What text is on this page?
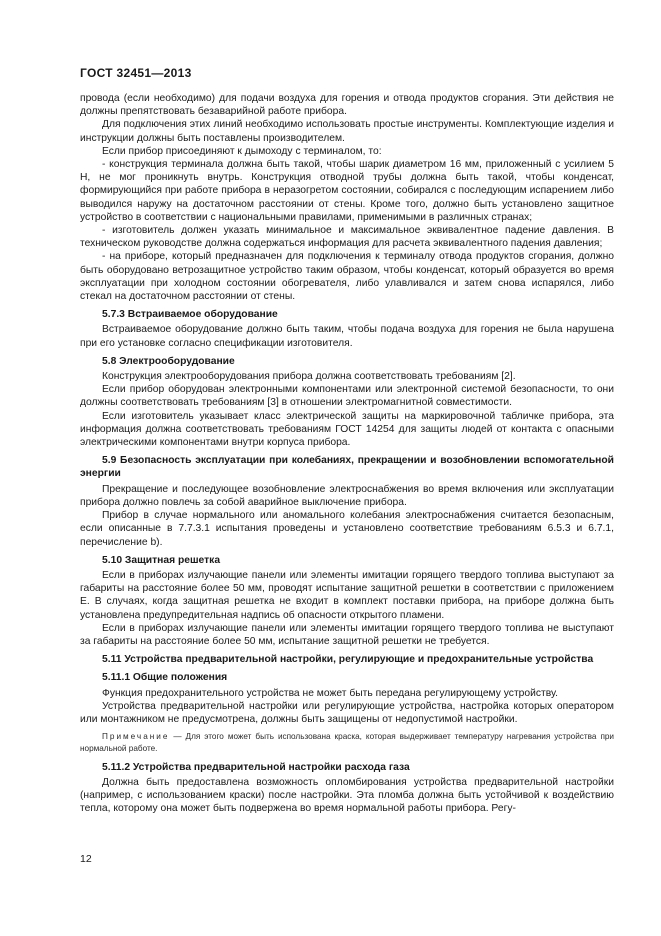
ГОСТ 32451—2013

провода (если необходимо) для подачи воздуха для горения и отвода продуктов сгорания. Эти действия не должны препятствовать безаварийной работе прибора.

Для подключения этих линий необходимо использовать простые инструменты. Комплектующие изделия и инструкции должны быть поставлены производителем.

Если прибор присоединяют к дымоходу с терминалом, то:

- конструкция терминала должна быть такой, чтобы шарик диаметром 16 мм, приложенный с усилием 5 Н, не мог проникнуть внутрь. Конструкция отводной трубы должна быть такой, чтобы конденсат, формирующийся при работе прибора в неразогретом состоянии, собирался с последующим испарением либо выводился наружу на достаточном расстоянии от стены. Кроме того, должно быть установлено защитное устройство в соответствии с национальными правилами, применимыми в различных странах;

- изготовитель должен указать минимальное и максимальное эквивалентное падение давления. В техническом руководстве должна содержаться информация для расчета эквивалентного падения давления;

- на приборе, который предназначен для подключения к терминалу отвода продуктов сгорания, должно быть оборудовано ветрозащитное устройство таким образом, чтобы конденсат, который образуется во время эксплуатации при холодном состоянии обогревателя, либо улавливался и затем снова испарялся, либо стекал на достаточном расстоянии от стены.

5.7.3 Встраиваемое оборудование

Встраиваемое оборудование должно быть таким, чтобы подача воздуха для горения не была нарушена при его установке согласно спецификации изготовителя.

5.8 Электрооборудование

Конструкция электрооборудования прибора должна соответствовать требованиям [2].

Если прибор оборудован электронными компонентами или электронной системой безопасности, то они должны соответствовать требованиям [3] в отношении электромагнитной совместимости.

Если изготовитель указывает класс электрической защиты на маркировочной табличке прибора, эта информация должна соответствовать требованиям ГОСТ 14254 для защиты людей от контакта с опасными электрическими компонентами внутри корпуса прибора.

5.9 Безопасность эксплуатации при колебаниях, прекращении и возобновлении вспомогательной энергии

Прекращение и последующее возобновление электроснабжения во время включения или эксплуатации прибора должно повлечь за собой аварийное выключение прибора.

Прибор в случае нормального или аномального колебания электроснабжения считается безопасным, если описанные в 7.7.3.1 испытания проведены и установлено соответствие требованиям 6.5.3 и 6.7.1, перечисление b).

5.10 Защитная решетка

Если в приборах излучающие панели или элементы имитации горящего твердого топлива выступают за габариты на расстояние более 50 мм, проводят испытание защитной решетки в соответствии с приложением Е. В случаях, когда защитная решетка не входит в комплект поставки прибора, на приборе должна быть установлена предупредительная надпись об опасности открытого пламени.

Если в приборах излучающие панели или элементы имитации горящего твердого топлива не выступают за габариты на расстояние более 50 мм, испытание защитной решетки не требуется.

5.11 Устройства предварительной настройки, регулирующие и предохранительные устройства

5.11.1 Общие положения

Функция предохранительного устройства не может быть передана регулирующему устройству.

Устройства предварительной настройки или регулирующие устройства, настройка которых оператором или монтажником не предусмотрена, должны быть защищены от недопустимой настройки.

Примечание — Для этого может быть использована краска, которая выдерживает температуру нагревания устройства при нормальной работе.

5.11.2 Устройства предварительной настройки расхода газа

Должна быть предоставлена возможность опломбирования устройства предварительной настройки (например, с использованием краски) после настройки. Эта пломба должна быть устойчивой к воздействию тепла, которому она может быть подвержена во время нормальной работы прибора. Регу-

12
